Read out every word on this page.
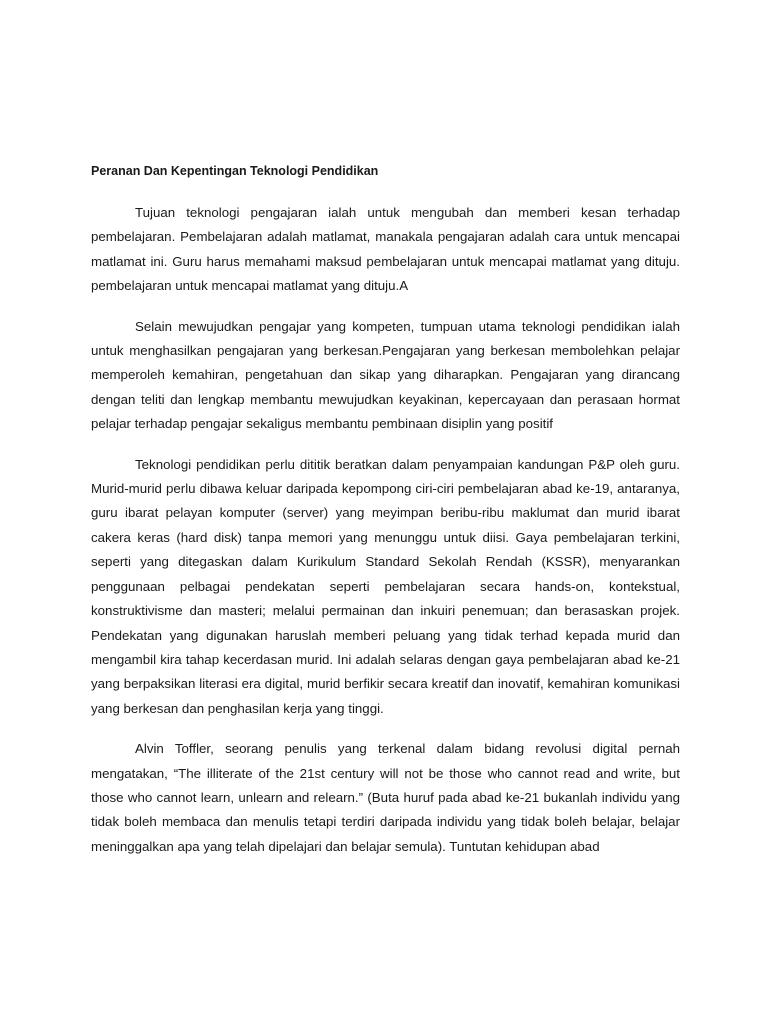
Peranan Dan Kepentingan Teknologi Pendidikan

Tujuan teknologi pengajaran ialah untuk mengubah dan memberi kesan terhadap pembelajaran. Pembelajaran adalah matlamat, manakala pengajaran adalah cara untuk mencapai matlamat ini. Guru harus memahami maksud pembelajaran untuk mencapai matlamat yang dituju. pembelajaran untuk mencapai matlamat yang dituju.A

Selain mewujudkan pengajar yang kompeten, tumpuan utama teknologi pendidikan ialah untuk menghasilkan pengajaran yang berkesan.Pengajaran yang berkesan membolehkan pelajar memperoleh kemahiran, pengetahuan dan sikap yang diharapkan. Pengajaran yang dirancang dengan teliti dan lengkap membantu mewujudkan keyakinan, kepercayaan dan perasaan hormat pelajar terhadap pengajar sekaligus membantu pembinaan disiplin yang positif

Teknologi pendidikan perlu dititik beratkan dalam penyampaian kandungan P&P oleh guru. Murid-murid perlu dibawa keluar daripada kepompong ciri-ciri pembelajaran abad ke-19, antaranya, guru ibarat pelayan komputer (server) yang meyimpan beribu-ribu maklumat dan murid ibarat cakera keras (hard disk) tanpa memori yang menunggu untuk diisi. Gaya pembelajaran terkini, seperti yang ditegaskan dalam Kurikulum Standard Sekolah Rendah (KSSR), menyarankan penggunaan pelbagai pendekatan seperti pembelajaran secara hands-on, kontekstual, konstruktivisme dan masteri; melalui permainan dan inkuiri penemuan; dan berasaskan projek. Pendekatan yang digunakan haruslah memberi peluang yang tidak terhad kepada murid dan mengambil kira tahap kecerdasan murid. Ini adalah selaras dengan gaya pembelajaran abad ke-21 yang berpaksikan literasi era digital, murid berfikir secara kreatif dan inovatif, kemahiran komunikasi yang berkesan dan penghasilan kerja yang tinggi.

Alvin Toffler, seorang penulis yang terkenal dalam bidang revolusi digital pernah mengatakan, “The illiterate of the 21st century will not be those who cannot read and write, but those who cannot learn, unlearn and relearn.” (Buta huruf pada abad ke-21 bukanlah individu yang tidak boleh membaca dan menulis tetapi terdiri daripada individu yang tidak boleh belajar, belajar meninggalkan apa yang telah dipelajari dan belajar semula). Tuntutan kehidupan abad
